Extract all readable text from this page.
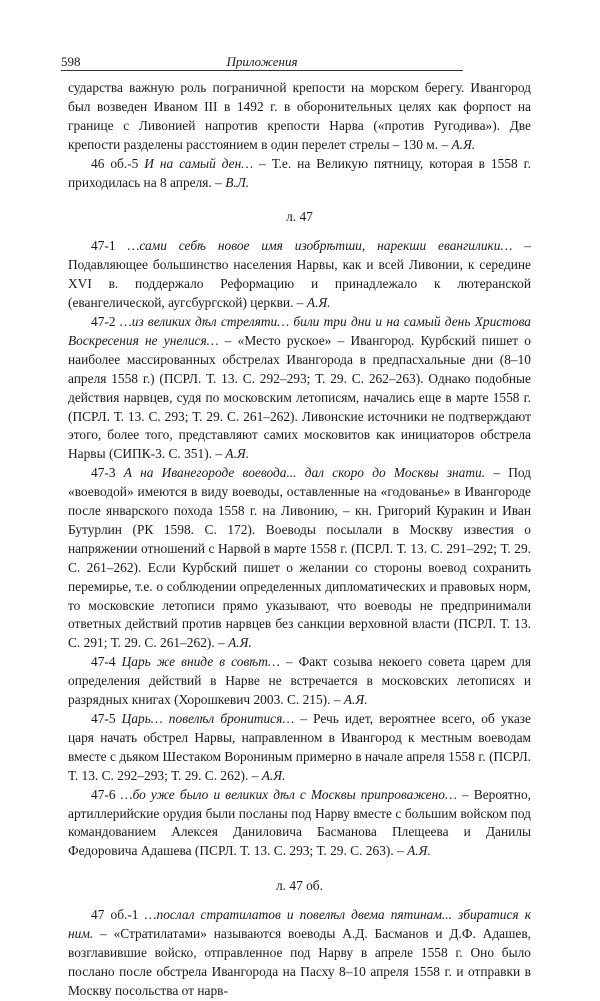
598	Приложения

сударства важную роль пограничной крепости на морском берегу. Ивангород был возведен Иваном III в 1492 г. в оборонительных целях как форпост на границе с Ливонией напротив крепости Нарва («против Ругодива»). Две крепости разделены расстоянием в один перелет стрелы – 130 м. – А.Я.

46 об.-5 И на самый ден… – Т.е. на Великую пятницу, которая в 1558 г. приходилась на 8 апреля. – В.Л.

л. 47

47-1 …сами себѣ новое имя изобрѣтши, нарекши евангилики… – Подавляющее большинство населения Нарвы, как и всей Ливонии, к середине XVI в. поддержало Реформацию и принадлежало к лютеранской (евангелической, аугсбургской) церкви. – А.Я.

47-2 …из великих дѣл стреляти… били три дни и на самый день Христова Воскресения не унелися… – «Место руское» – Ивангород. Курбский пишет о наиболее массированных обстрелах Ивангорода в предпасхальные дни (8–10 апреля 1558 г.) (ПСРЛ. Т. 13. С. 292–293; Т. 29. С. 262–263). Однако подобные действия нарвцев, судя по московским летописям, начались еще в марте 1558 г. (ПСРЛ. Т. 13. С. 293; Т. 29. С. 261–262). Ливонские источники не подтверждают этого, более того, представляют самих московитов как инициаторов обстрела Нарвы (СИПК-3. С. 351). – А.Я.

47-3 А на Иванегороде воевода... дал скоро до Москвы знати. – Под «воеводой» имеются в виду воеводы, оставленные на «годованье» в Ивангороде после январского похода 1558 г. на Ливонию, – кн. Григорий Куракин и Иван Бутурлин (РК 1598. С. 172). Воеводы посылали в Москву известия о напряжении отношений с Нарвой в марте 1558 г. (ПСРЛ. Т. 13. С. 291–292; Т. 29. С. 261–262). Если Курбский пишет о желании со стороны воевод сохранить перемирье, т.е. о соблюдении определенных дипломатических и правовых норм, то московские летописи прямо указывают, что воеводы не предпринимали ответных действий против нарвцев без санкции верховной власти (ПСРЛ. Т. 13. С. 291; Т. 29. С. 261–262). – А.Я.

47-4 Царь же вниде в совѣт… – Факт созыва некоего совета царем для определения действий в Нарве не встречается в московских летописях и разрядных книгах (Хорошкевич 2003. С. 215). – А.Я.

47-5 Царь… повелѣл бронитися… – Речь идет, вероятнее всего, об указе царя начать обстрел Нарвы, направленном в Ивангород к местным воеводам вместе с дьяком Шестаком Ворониным примерно в начале апреля 1558 г. (ПСРЛ. Т. 13. С. 292–293; Т. 29. С. 262). – А.Я.

47-6 …бо уже было и великих дѣл с Москвы припроважено… – Вероятно, артиллерийские орудия были посланы под Нарву вместе с большим войском под командованием Алексея Даниловича Басманова Плещеева и Данилы Федоровича Адашева (ПСРЛ. Т. 13. С. 293; Т. 29. С. 263). – А.Я.

л. 47 об.

47 об.-1 …послал стратилатов и повелѣл двема пятинам... збиратися к ним. – «Стратилатами» называются воеводы А.Д. Басманов и Д.Ф. Адашев, возглавившие войско, отправленное под Нарву в апреле 1558 г. Оно было послано после обстрела Ивангорода на Пасху 8–10 апреля 1558 г. и отправки в Москву посольства от нарв-
